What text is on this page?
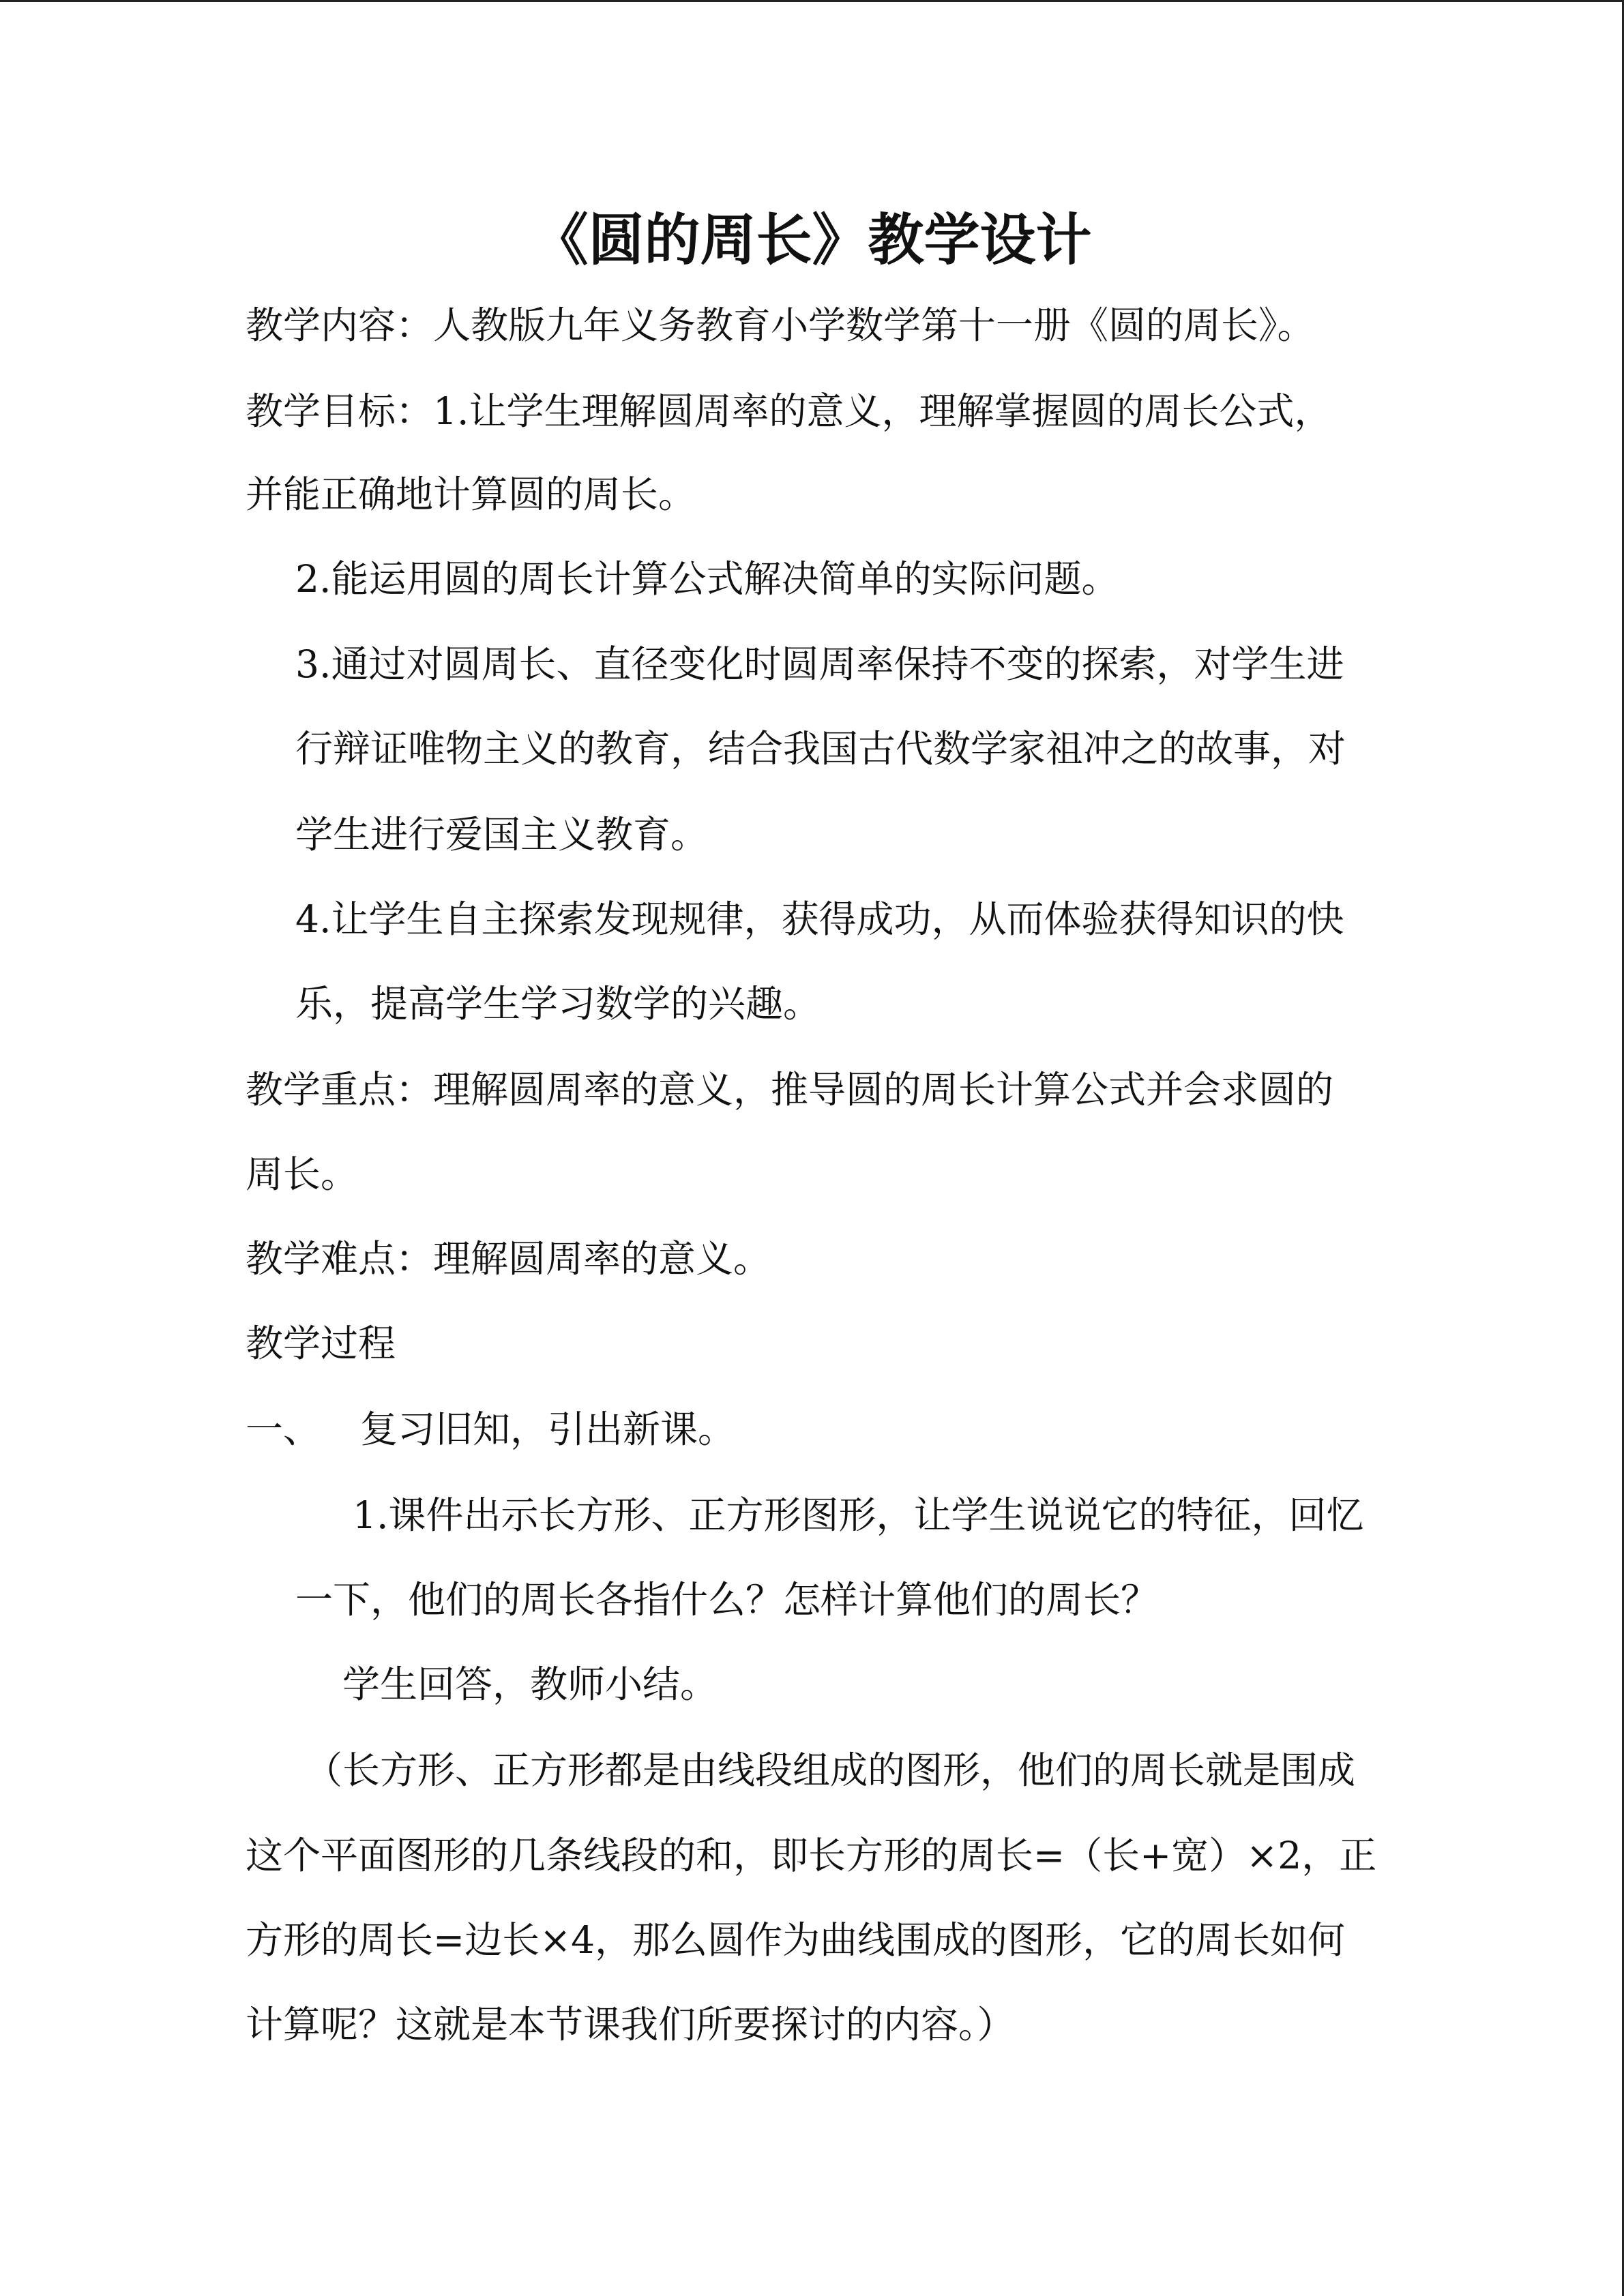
《圆的周长》教学设计

教学内容：人教版九年义务教育小学数学第十一册《圆的周长》。

教学目标：1.让学生理解圆周率的意义，理解掌握圆的周长公式，

并能正确地计算圆的周长。

2.能运用圆的周长计算公式解决简单的实际问题。

3.通过对圆周长、直径变化时圆周率保持不变的探索，对学生进

行辩证唯物主义的教育，结合我国古代数学家祖冲之的故事，对

学生进行爱国主义教育。

4.让学生自主探索发现规律，获得成功，从而体验获得知识的快

乐，提高学生学习数学的兴趣。

教学重点：理解圆周率的意义，推导圆的周长计算公式并会求圆的

周长。

教学难点：理解圆周率的意义。

教学过程

一、 复习旧知，引出新课。

1.课件出示长方形、正方形图形，让学生说说它的特征，回忆

一下，他们的周长各指什么？怎样计算他们的周长？

学生回答，教师小结。

（长方形、正方形都是由线段组成的图形，他们的周长就是围成

这个平面图形的几条线段的和，即长方形的周长=（长+宽）×2，正

方形的周长=边长×4，那么圆作为曲线围成的图形，它的周长如何

计算呢？这就是本节课我们所要探讨的内容。）
